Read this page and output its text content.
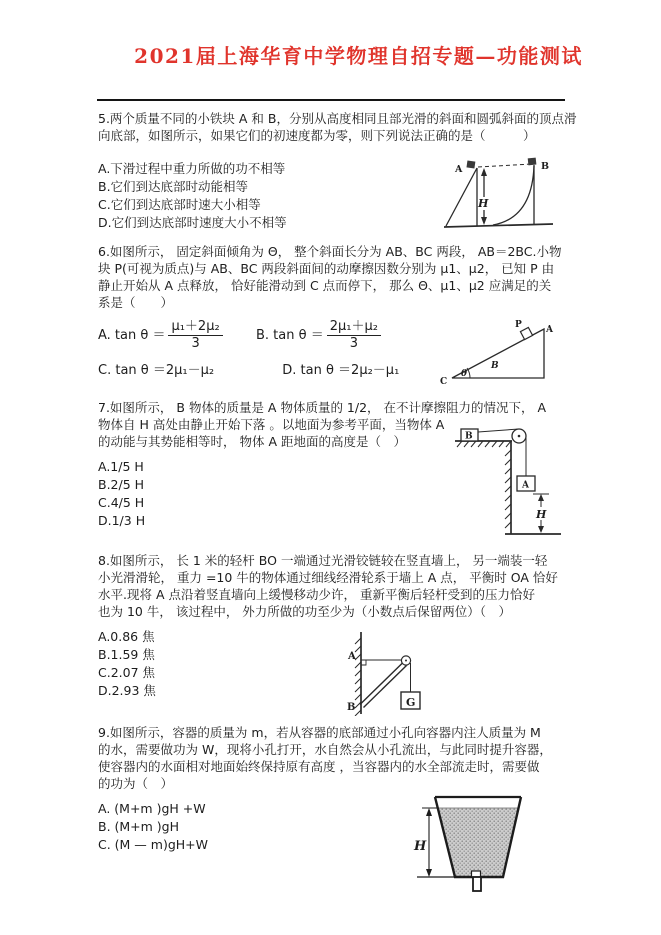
2021届上海华育中学物理自招专题—功能测试
5.两个质量不同的小铁块 A 和 B，分别从高度相同且部光滑的斜面和圆弧斜面的顶点滑
向底部，如图所示，如果它们的初速度都为零，则下列说法正确的是（　　　）
A.下滑过程中重力所做的功不相等
B.它们到达底部时动能相等
C.它们到达底部时速大小相等
D.它们到达底部时速度大小不相等
A	B
H
6.如图所示， 固定斜面倾角为 Θ， 整个斜面长分为 AB、BC 两段， AB＝2BC.小物
块 P(可视为质点)与 AB、BC 两段斜面间的动摩擦因数分别为 μ1、μ2， 已知 P 由
静止开始从 A 点释放， 恰好能滑动到 C 点而停下， 那么 Θ、μ1、μ2 应满足的关
系是（　　）
A. $\tan \theta = \frac{\text{μ₁＋2μ₂}}{3}$	B. $\tan \theta = \frac{\text{2μ₁＋μ₂}}{3}$
C. tan θ ＝2μ₁－μ₂	D. tan θ ＝2μ₂－μ₁
P	A
B
C
θ
7.如图所示， B 物体的质量是 A 物体质量的 1/2， 在不计摩擦阻力的情况下， A
物体自 H 高处由静止开始下落 。以地面为参考平面，当物体 A
的动能与其势能相等时， 物体 A 距地面的高度是（　）
A.1/5 H
B.2/5 H
C.4/5 H
D.1/3 H
B
A
H
8.如图所示， 长 1 米的轻杆 BO 一端通过光滑铰链较在竖直墙上， 另一端装一轻
小光滑滑轮， 重力 =10 牛的物体通过细线经滑轮系于墙上 A 点， 平衡时 OA 恰好
水平.现将 A 点沿着竖直墙向上缓慢移动少许， 重新平衡后轻杆受到的压力恰好
也为 10 牛， 该过程中， 外力所做的功至少为（小数点后保留两位）（　）
A.0.86 焦
B.1.59 焦
C.2.07 焦
D.2.93 焦
G
A
B
9.如图所示，容器的质量为 m，若从容器的底部通过小孔向容器内注人质量为 M
的水，需要做功为 W，现将小孔打开，水自然会从小孔流出，与此同时提升容器，
使容器内的水面相对地面始终保持原有高度 ，当容器内的水全部流走时，需要做
的功为（　）
A. (M+m )gH +W
B. (M+m )gH
C. (M — m)gH+W	H
